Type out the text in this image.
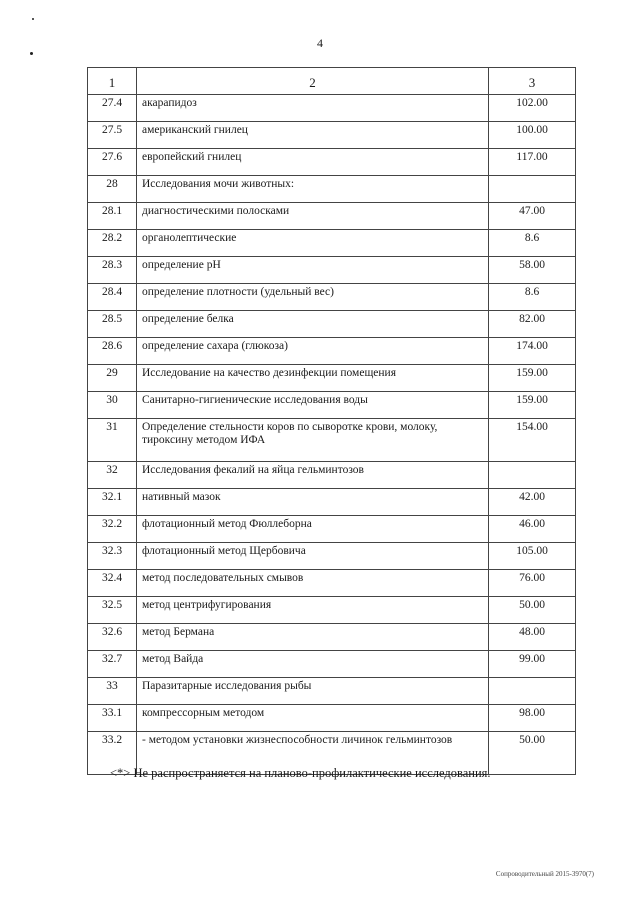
4
1	2	3
27.4	акарапидоз	102.00
27.5	американский гнилец	100.00
27.6	европейский гнилец	117.00
28	Исследования мочи животных:	
28.1	диагностическими полосками	47.00
28.2	органолептические	8.6
28.3	определение pH	58.00
28.4	определение плотности (удельный вес)	8.6
28.5	определение белка	82.00
28.6	определение сахара (глюкоза)	174.00
29	Исследование на качество дезинфекции помещения	159.00
30	Санитарно-гигиенические исследования воды	159.00
31	Определение стельности коров по сыворотке крови, молоку, тироксину методом ИФА	154.00
32	Исследования фекалий на яйца гельминтозов	
32.1	нативный мазок	42.00
32.2	флотационный метод Фюллеборна	46.00
32.3	флотационный метод Щербовича	105.00
32.4	метод последовательных смывов	76.00
32.5	метод центрифугирования	50.00
32.6	метод Бермана	48.00
32.7	метод Вайда	99.00
33	Паразитарные исследования рыбы	
33.1	компрессорным методом	98.00
33.2	- методом установки жизнеспособности личинок гельминтозов	50.00
<*> Не распространяется на планово-профилактические исследования.
Сопроводительный 2015-3970(7)
